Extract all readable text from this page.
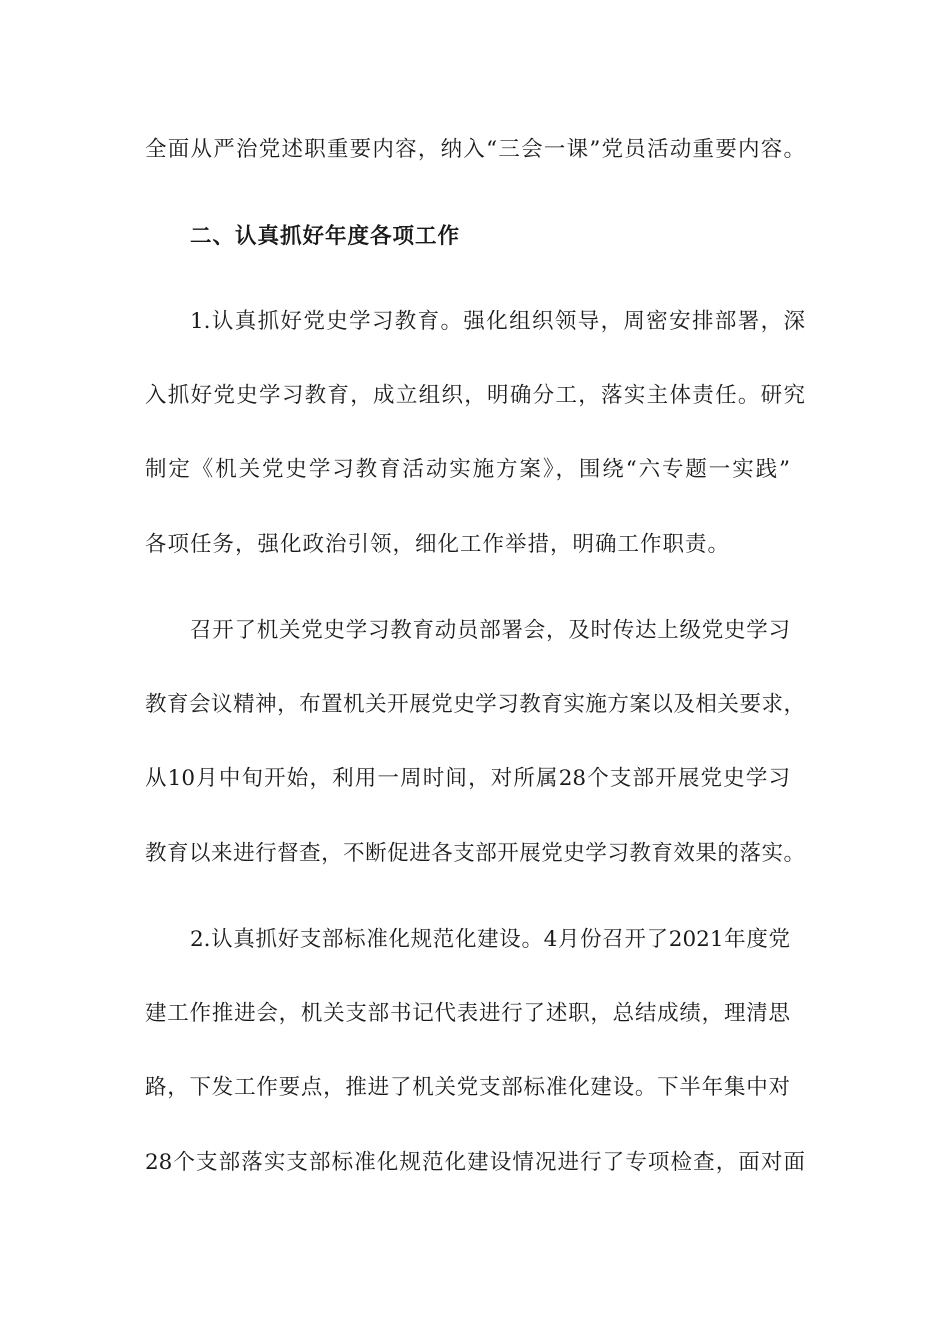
全面从严治党述职重要内容，纳入“三会一课”党员活动重要内容。

二、认真抓好年度各项工作

1.认真抓好党史学习教育。强化组织领导，周密安排部署，深

入抓好党史学习教育，成立组织，明确分工，落实主体责任。研究

制定《机关党史学习教育活动实施方案》，围绕“六专题一实践”

各项任务，强化政治引领，细化工作举措，明确工作职责。

召开了机关党史学习教育动员部署会，及时传达上级党史学习

教育会议精神，布置机关开展党史学习教育实施方案以及相关要求，

从10月中旬开始，利用一周时间，对所属28个支部开展党史学习

教育以来进行督查，不断促进各支部开展党史学习教育效果的落实。

2.认真抓好支部标准化规范化建设。4月份召开了2021年度党

建工作推进会，机关支部书记代表进行了述职，总结成绩，理清思

路，下发工作要点，推进了机关党支部标准化建设。下半年集中对

28个支部落实支部标准化规范化建设情况进行了专项检查，面对面
